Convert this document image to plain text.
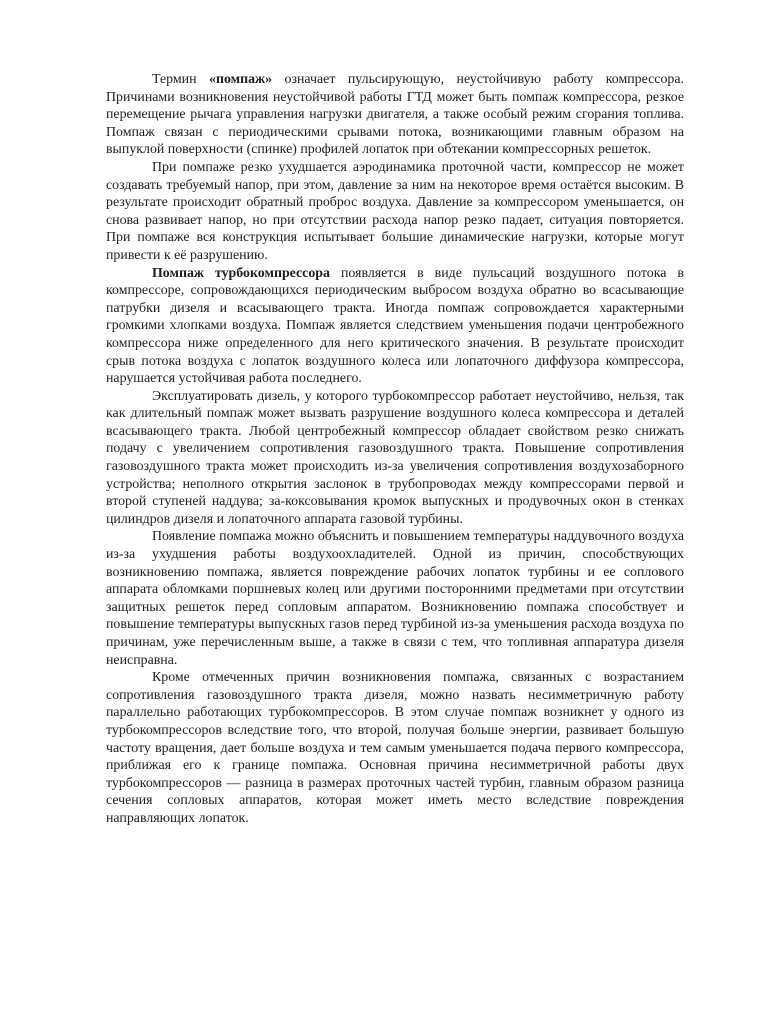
Термин «помпаж» означает пульсирующую, неустойчивую работу компрессора. Причинами возникновения неустойчивой работы ГТД может быть помпаж компрессора, резкое перемещение рычага управления нагрузки двигателя, а также особый режим сгорания топлива. Помпаж связан с периодическими срывами потока, возникающими главным образом на выпуклой поверхности (спинке) профилей лопаток при обтекании компрессорных решеток.

При помпаже резко ухудшается аэродинамика проточной части, компрессор не может создавать требуемый напор, при этом, давление за ним на некоторое время остаётся высоким. В результате происходит обратный проброс воздуха. Давление за компрессором уменьшается, он снова развивает напор, но при отсутствии расхода напор резко падает, ситуация повторяется. При помпаже вся конструкция испытывает большие динамические нагрузки, которые могут привести к её разрушению.

Помпаж турбокомпрессора появляется в виде пульсаций воздушного потока в компрессоре, сопровождающихся периодическим выбросом воздуха обратно во всасывающие патрубки дизеля и всасывающего тракта. Иногда помпаж сопровождается характерными громкими хлопками воздуха. Помпаж является следствием уменьшения подачи центробежного компрессора ниже определенного для него критического значения. В результате происходит срыв потока воздуха с лопаток воздушного колеса или лопаточного диффузора компрессора, нарушается устойчивая работа последнего.

Эксплуатировать дизель, у которого турбокомпрессор работает неустойчиво, нельзя, так как длительный помпаж может вызвать разрушение воздушного колеса компрессора и деталей всасывающего тракта. Любой центробежный компрессор обладает свойством резко снижать подачу с увеличением сопротивления газовоздушного тракта. Повышение сопротивления газовоздушного тракта может происходить из-за увеличения сопротивления воздухозаборного устройства; неполного открытия заслонок в трубопроводах между компрессорами первой и второй ступеней наддува; за-коксовывания кромок выпускных и продувочных окон в стенках цилиндров дизеля и лопаточного аппарата газовой турбины.

Появление помпажа можно объяснить и повышением температуры наддувочного воздуха из-за ухудшения работы воздухоохладителей. Одной из причин, способствующих возникновению помпажа, является повреждение рабочих лопаток турбины и ее соплового аппарата обломками поршневых колец или другими посторонними предметами при отсутствии защитных решеток перед сопловым аппаратом. Возникновению помпажа способствует и повышение температуры выпускных газов перед турбиной из-за уменьшения расхода воздуха по причинам, уже перечисленным выше, а также в связи с тем, что топливная аппаратура дизеля неисправна.

Кроме отмеченных причин возникновения помпажа, связанных с возрастанием сопротивления газовоздушного тракта дизеля, можно назвать несимметричную работу параллельно работающих турбокомпрессоров. В этом случае помпаж возникнет у одного из турбокомпрессоров вследствие того, что второй, получая больше энергии, развивает большую частоту вращения, дает больше воздуха и тем самым уменьшается подача первого компрессора, приближая его к границе помпажа. Основная причина несимметричной работы двух турбокомпрессоров — разница в размерах проточных частей турбин, главным образом разница сечения сопловых аппаратов, которая может иметь место вследствие повреждения направляющих лопаток.
